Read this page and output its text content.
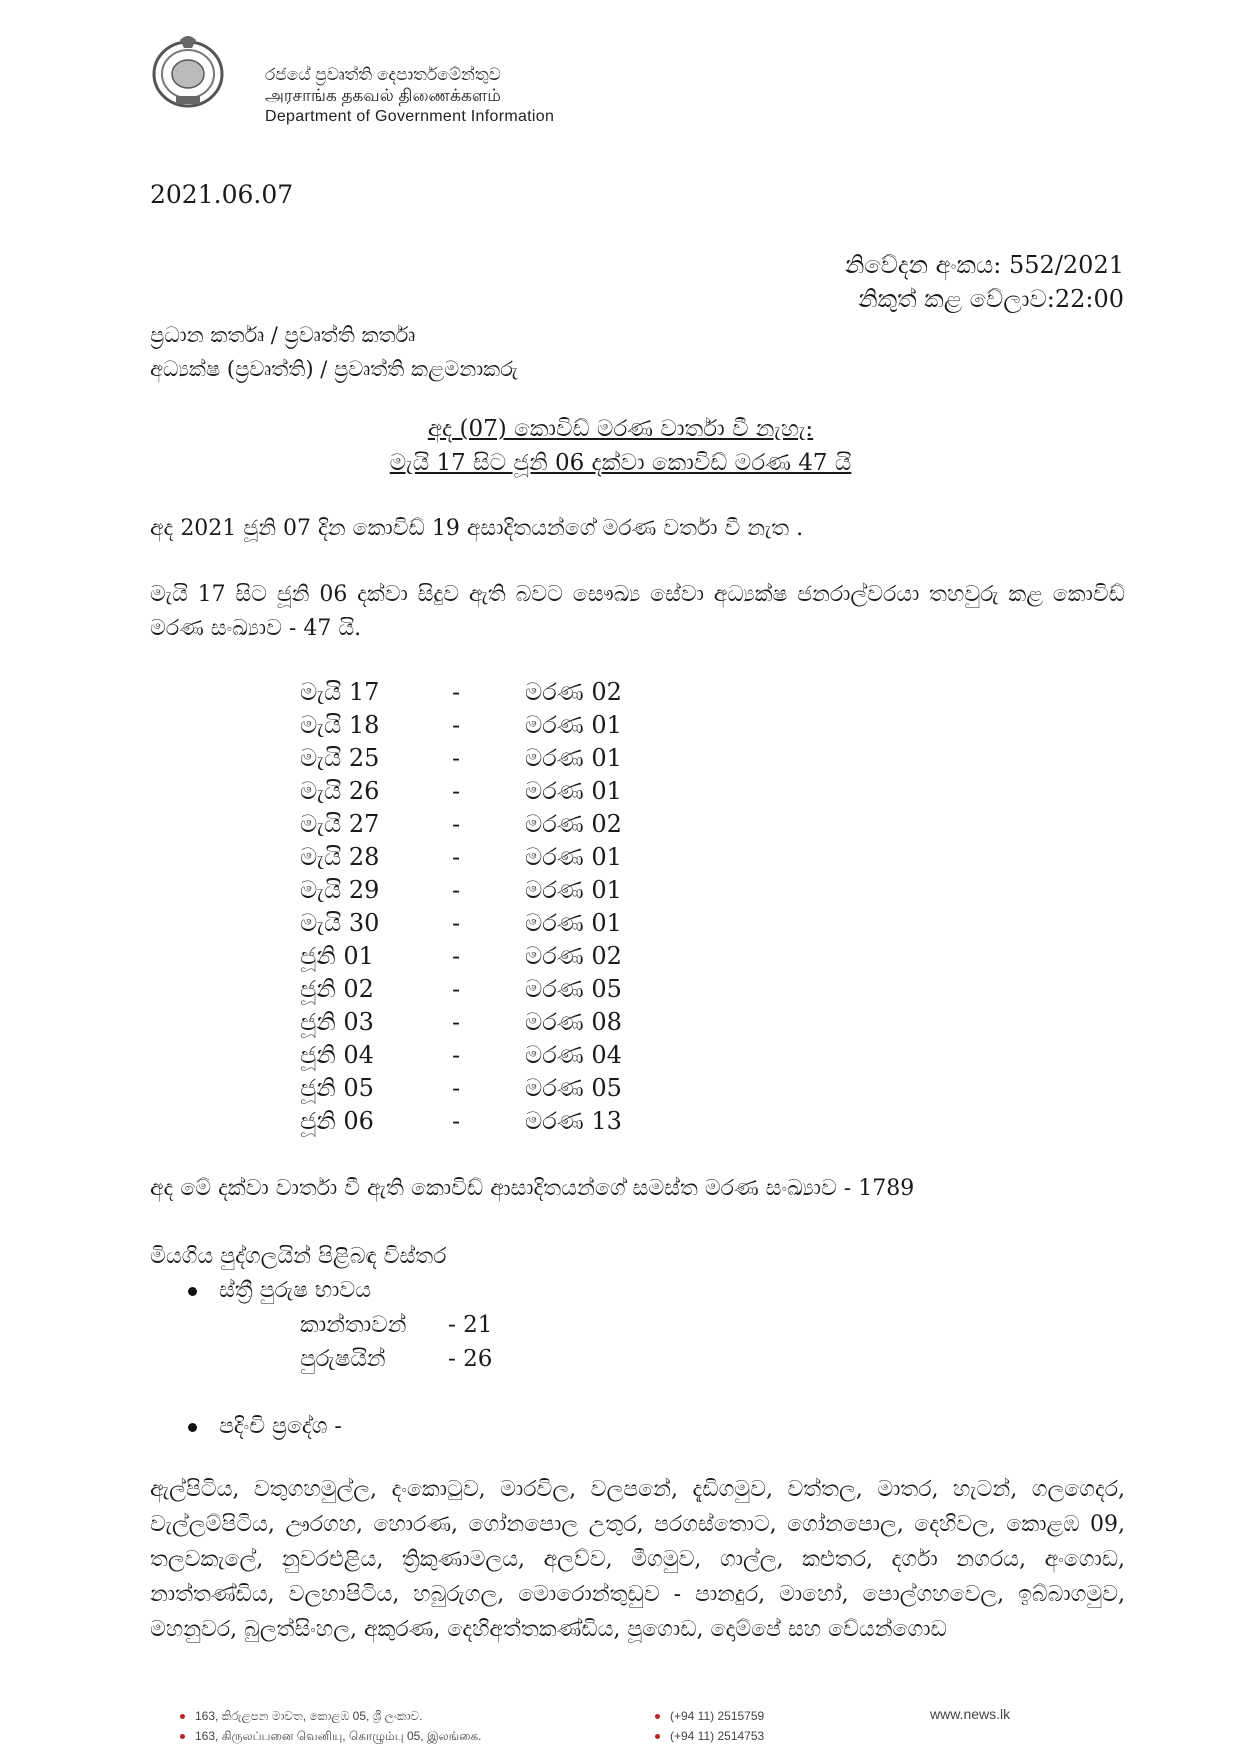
රජයේ ප්‍රවෘත්ති දෙපාර්තමේන්තුව
அரசாங்க தகவல் திணைக்களம்
Department of Government Information
2021.06.07
නිවේදන අංකය: 552/2021
නිකුත් කළ වේලාව:22:00
ප්‍රධාන කර්තෘ / ප්‍රවෘත්ති කර්තෘ
අධ්‍යක්ෂ (ප්‍රවෘත්ති) / ප්‍රවෘත්ති කළමනාකරු
අද (07) කොවිඩ් මරණ වාර්තා වී නැහැ:
මැයි 17 සිට ජූනි 06 දක්වා කොවිඩ් මරණ 47 යි
අද 2021 ජූනි 07 දින කොවිඩ් 19 අසාදිතයන්ගේ මරණ වර්තා වී නැත .
මැයි 17 සිට ජූනි 06 දක්වා සිදුව ඇති බවට සෞඛ්‍ය සේවා අධ්‍යක්ෂ ජනරාල්වරයා තහවුරු කළ කොවිඩ් මරණ සංඛ්‍යාව - 47 යි.
මැයි 17	-	මරණ 02
මැයි 18	-	මරණ 01
මැයි 25	-	මරණ 01
මැයි 26	-	මරණ 01
මැයි 27	-	මරණ 02
මැයි 28	-	මරණ 01
මැයි 29	-	මරණ 01
මැයි 30	-	මරණ 01
ජූනි 01	-	මරණ 02
ජූනි 02	-	මරණ 05
ජූනි 03	-	මරණ 08
ජූනි 04	-	මරණ 04
ජූනි 05	-	මරණ 05
ජූනි 06	-	මරණ 13
අද මේ දක්වා වාර්තා වී ඇති කොවිඩ් ආසාදිතයන්ගේ සමස්ත මරණ සංඛ්‍යාව - 1789
මියගිය පුද්ගලයින් පිළිබඳ විස්තර
ස්ත්‍රී පුරුෂ භාවය
කාන්තාවන් - 21
පුරුෂයින්	- 26
පදිංචි ප්‍රදේශ -
ඇල්පිටිය, වතුගහමුල්ල, දංකොටුව, මාරවිල, වලපනේ, දැඩිගමුව, වත්තල, මාතර, හැටන්, ගලගෙදර, වැල්ලම්පිටිය, ඌරගහ, හොරණ, ගෝනපොල උතුර, පරගස්තොට, ගෝනපොල, දෙහිවල, කොළඹ 09, තලවකැලේ, නුවරඑළිය, ත්‍රිකුණාමලය, අලව්ව, මීගමුව, ගාල්ල, කළුතර, දර්ගා නගරය, අංගොඩ, නාත්තණ්ඩිය, වලහාපිටිය, හබුරුගල, මොරොන්තුඩුව - පානදුර, මාහෝ, පොල්ගහවෙල, ඉබ්බාගමුව, මහනුවර, බුලත්සිංහල, අකුරණ, දෙහිඅත්තකණ්ඩිය, පූගොඩ, දොම්පේ සහ වේයන්ගොඩ
163, කිරුළපන මාවත, කොළඹ 05, ශ්‍රී ලංකාව.
163, கிருலப்பனை வெனியு, கொழும்பு 05, இலங்கை.
(+94 11) 2515759
(+94 11) 2514753
www.news.lk
